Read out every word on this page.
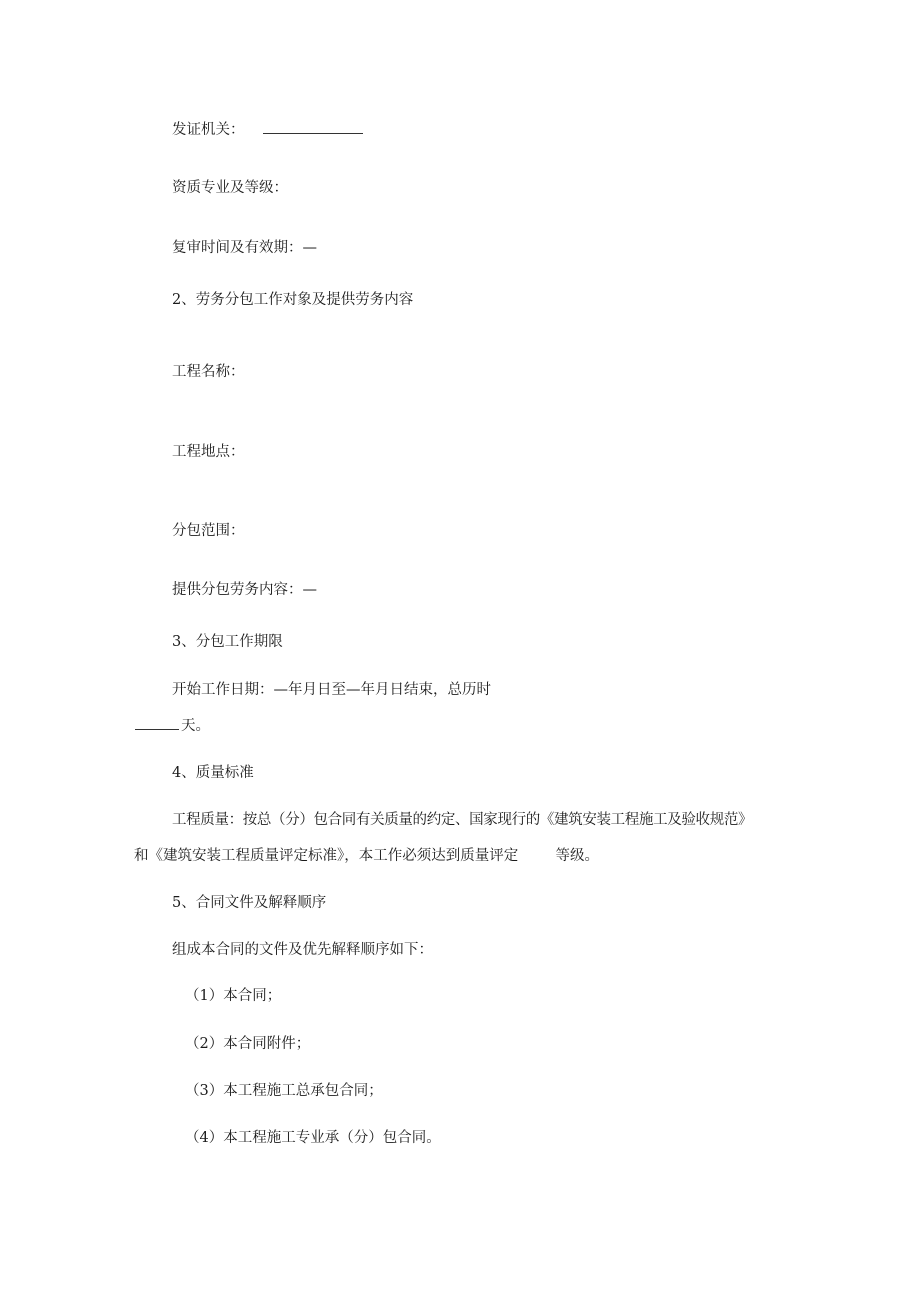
发证机关：
资质专业及等级：
复审时间及有效期：—
2、劳务分包工作对象及提供劳务内容
工程名称：
工程地点：
分包范围：
提供分包劳务内容：—
3、分包工作期限
开始工作日期：—年月日至—年月日结束，总历时
天。
4、质量标准
工程质量：按总（分）包合同有关质量的约定、国家现行的《建筑安装工程施工及验收规范》
和《建筑安装工程质量评定标准》，本工作必须达到质量评定	等级。
5、合同文件及解释顺序
组成本合同的文件及优先解释顺序如下：
（1）本合同；
（2）本合同附件；
（3）本工程施工总承包合同；
（4）本工程施工专业承（分）包合同。
